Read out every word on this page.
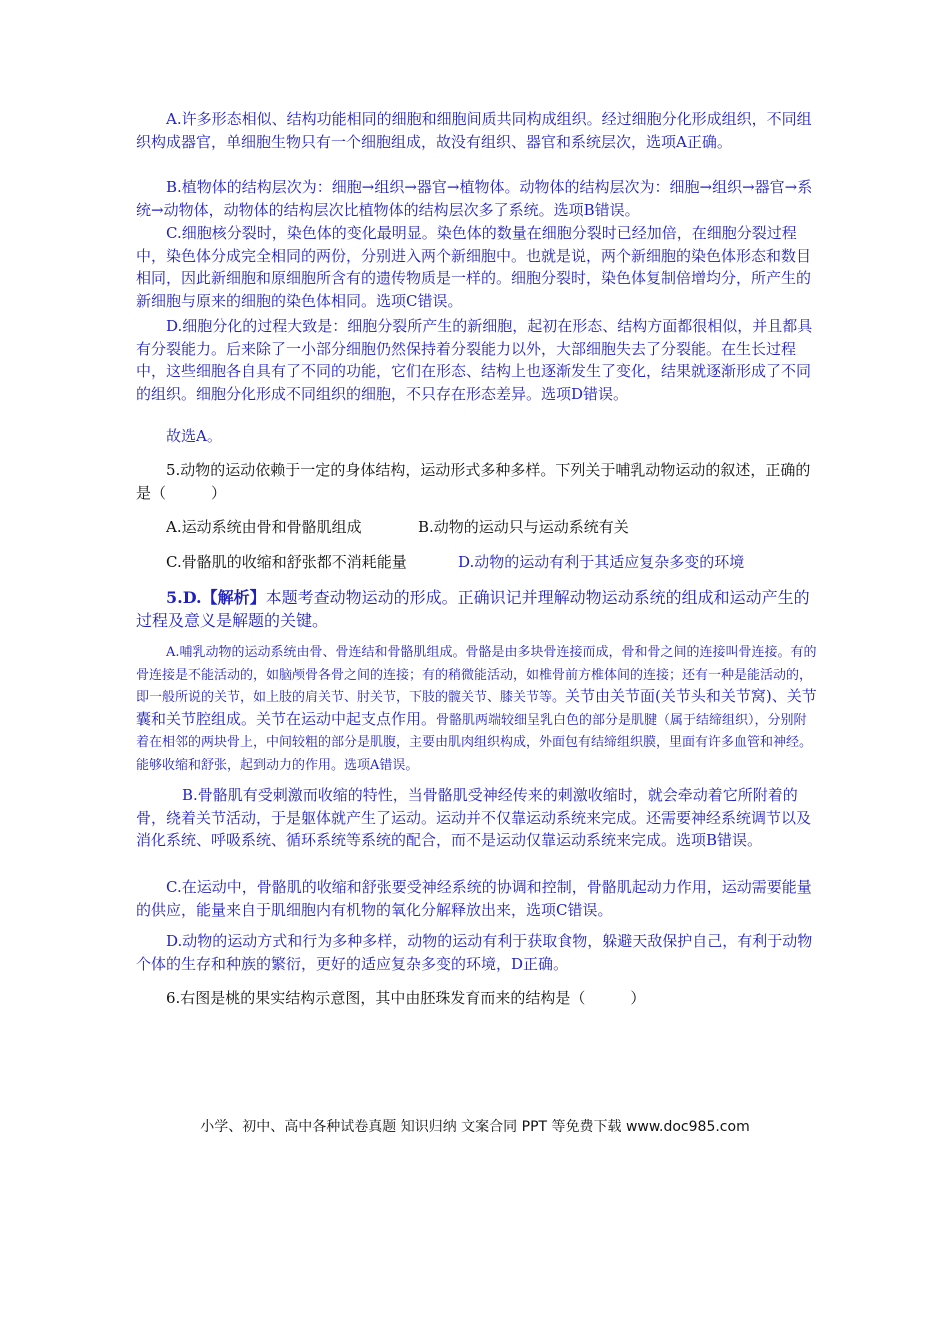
A.许多形态相似、结构功能相同的细胞和细胞间质共同构成组织。经过细胞分化形成组织，不同组织构成器官，单细胞生物只有一个细胞组成，故没有组织、器官和系统层次，选项A正确。

B.植物体的结构层次为：细胞→组织→器官→植物体。动物体的结构层次为：细胞→组织→器官→系统→动物体，动物体的结构层次比植物体的结构层次多了系统。选项B错误。

C.细胞核分裂时，染色体的变化最明显。染色体的数量在细胞分裂时已经加倍，在细胞分裂过程中，染色体分成完全相同的两份，分别进入两个新细胞中。也就是说，两个新细胞的染色体形态和数目相同，因此新细胞和原细胞所含有的遗传物质是一样的。细胞分裂时，染色体复制倍增均分，所产生的新细胞与原来的细胞的染色体相同。选项C错误。

D.细胞分化的过程大致是：细胞分裂所产生的新细胞，起初在形态、结构方面都很相似，并且都具有分裂能力。后来除了一小部分细胞仍然保持着分裂能力以外，大部细胞失去了分裂能。在生长过程中，这些细胞各自具有了不同的功能，它们在形态、结构上也逐渐发生了变化，结果就逐渐形成了不同的组织。细胞分化形成不同组织的细胞，不只存在形态差异。选项D错误。

故选A。

5.动物的运动依赖于一定的身体结构，运动形式多种多样。下列关于哺乳动物运动的叙述，正确的是（　　　）

A.运动系统由骨和骨骼肌组成	B.动物的运动只与运动系统有关
C.骨骼肌的收缩和舒张都不消耗能量	D.动物的运动有利于其适应复杂多变的环境

5.D.【解析】本题考查动物运动的形成。正确识记并理解动物运动系统的组成和运动产生的过程及意义是解题的关键。

A.哺乳动物的运动系统由骨、骨连结和骨骼肌组成。骨骼是由多块骨连接而成，骨和骨之间的连接叫骨连接。有的骨连接是不能活动的，如脑颅骨各骨之间的连接；有的稍微能活动，如椎骨前方椎体间的连接；还有一种是能活动的，即一般所说的关节，如上肢的肩关节、肘关节，下肢的髋关节、膝关节等。关节由关节面(关节头和关节窝)、关节囊和关节腔组成。关节在运动中起支点作用。骨骼肌两端较细呈乳白色的部分是肌腱（属于结缔组织），分别附着在相邻的两块骨上，中间较粗的部分是肌腹，主要由肌肉组织构成，外面包有结缔组织膜，里面有许多血管和神经。能够收缩和舒张，起到动力的作用。选项A错误。

B.骨骼肌有受刺激而收缩的特性，当骨骼肌受神经传来的刺激收缩时，就会牵动着它所附着的骨，绕着关节活动，于是躯体就产生了运动。运动并不仅靠运动系统来完成。还需要神经系统调节以及消化系统、呼吸系统、循环系统等系统的配合，而不是运动仅靠运动系统来完成。选项B错误。

C.在运动中，骨骼肌的收缩和舒张要受神经系统的协调和控制，骨骼肌起动力作用，运动需要能量的供应，能量来自于肌细胞内有机物的氧化分解释放出来，选项C错误。

D.动物的运动方式和行为多种多样，动物的运动有利于获取食物，躲避天敌保护自己，有利于动物个体的生存和种族的繁衍，更好的适应复杂多变的环境，D正确。

6.右图是桃的果实结构示意图，其中由胚珠发育而来的结构是（　　　）

小学、初中、高中各种试卷真题 知识归纳 文案合同 PPT 等免费下载 www.doc985.com
